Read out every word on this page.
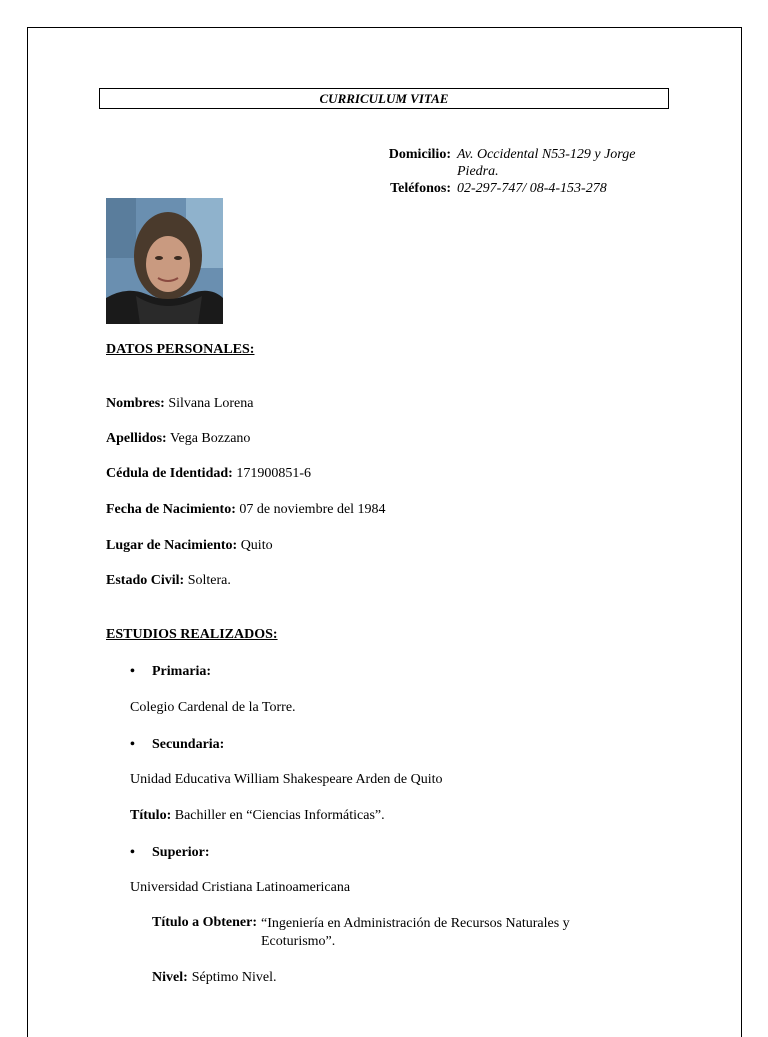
CURRICULUM VITAE
Domicilio: Av. Occidental N53-129 y Jorge Piedra.
Teléfonos: 02-297-747/ 08-4-153-278
DATOS PERSONALES:
Nombres: Silvana Lorena
Apellidos: Vega Bozzano
Cédula de Identidad: 171900851-6
Fecha de Nacimiento: 07 de noviembre del 1984
Lugar de Nacimiento: Quito
Estado Civil: Soltera.
ESTUDIOS REALIZADOS:
• Primaria:
Colegio Cardenal de la Torre.
• Secundaria:
Unidad Educativa William Shakespeare Arden de Quito
Título: Bachiller en “Ciencias Informáticas”.
• Superior:
Universidad Cristiana Latinoamericana
Título a Obtener: “Ingeniería en Administración de Recursos Naturales y Ecoturismo”.
Nivel: Séptimo Nivel.
